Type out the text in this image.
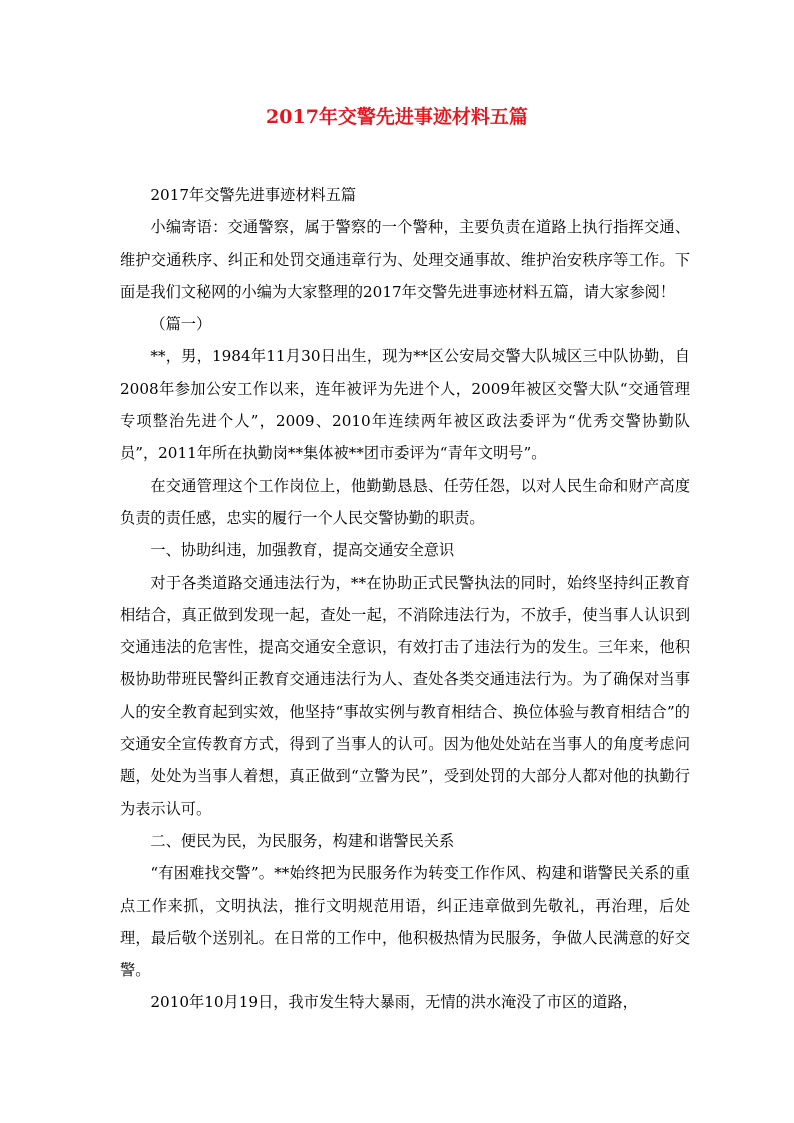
2017年交警先进事迹材料五篇

2017年交警先进事迹材料五篇

小编寄语：交通警察，属于警察的一个警种，主要负责在道路上执行指挥交通、维护交通秩序、纠正和处罚交通违章行为、处理交通事故、维护治安秩序等工作。下面是我们文秘网的小编为大家整理的2017年交警先进事迹材料五篇，请大家参阅！

（篇一）

**，男，1984年11月30日出生，现为**区公安局交警大队城区三中队协勤，自2008年参加公安工作以来，连年被评为先进个人，2009年被区交警大队“交通管理专项整治先进个人”，2009、2010年连续两年被区政法委评为“优秀交警协勤队员”，2011年所在执勤岗**集体被**团市委评为“青年文明号”。

在交通管理这个工作岗位上，他勤勤恳恳、任劳任怨，以对人民生命和财产高度负责的责任感，忠实的履行一个人民交警协勤的职责。

一、协助纠违，加强教育，提高交通安全意识

对于各类道路交通违法行为，**在协助正式民警执法的同时，始终坚持纠正教育相结合，真正做到发现一起，查处一起，不消除违法行为，不放手，使当事人认识到交通违法的危害性，提高交通安全意识，有效打击了违法行为的发生。三年来，他积极协助带班民警纠正教育交通违法行为人、查处各类交通违法行为。为了确保对当事人的安全教育起到实效，他坚持“事故实例与教育相结合、换位体验与教育相结合”的交通安全宣传教育方式，得到了当事人的认可。因为他处处站在当事人的角度考虑问题，处处为当事人着想，真正做到“立警为民”，受到处罚的大部分人都对他的执勤行为表示认可。

二、便民为民，为民服务，构建和谐警民关系

“有困难找交警”。**始终把为民服务作为转变工作作风、构建和谐警民关系的重点工作来抓，文明执法，推行文明规范用语，纠正违章做到先敬礼，再治理，后处理，最后敬个送别礼。在日常的工作中，他积极热情为民服务，争做人民满意的好交警。

2010年10月19日，我市发生特大暴雨，无情的洪水淹没了市区的道路，
